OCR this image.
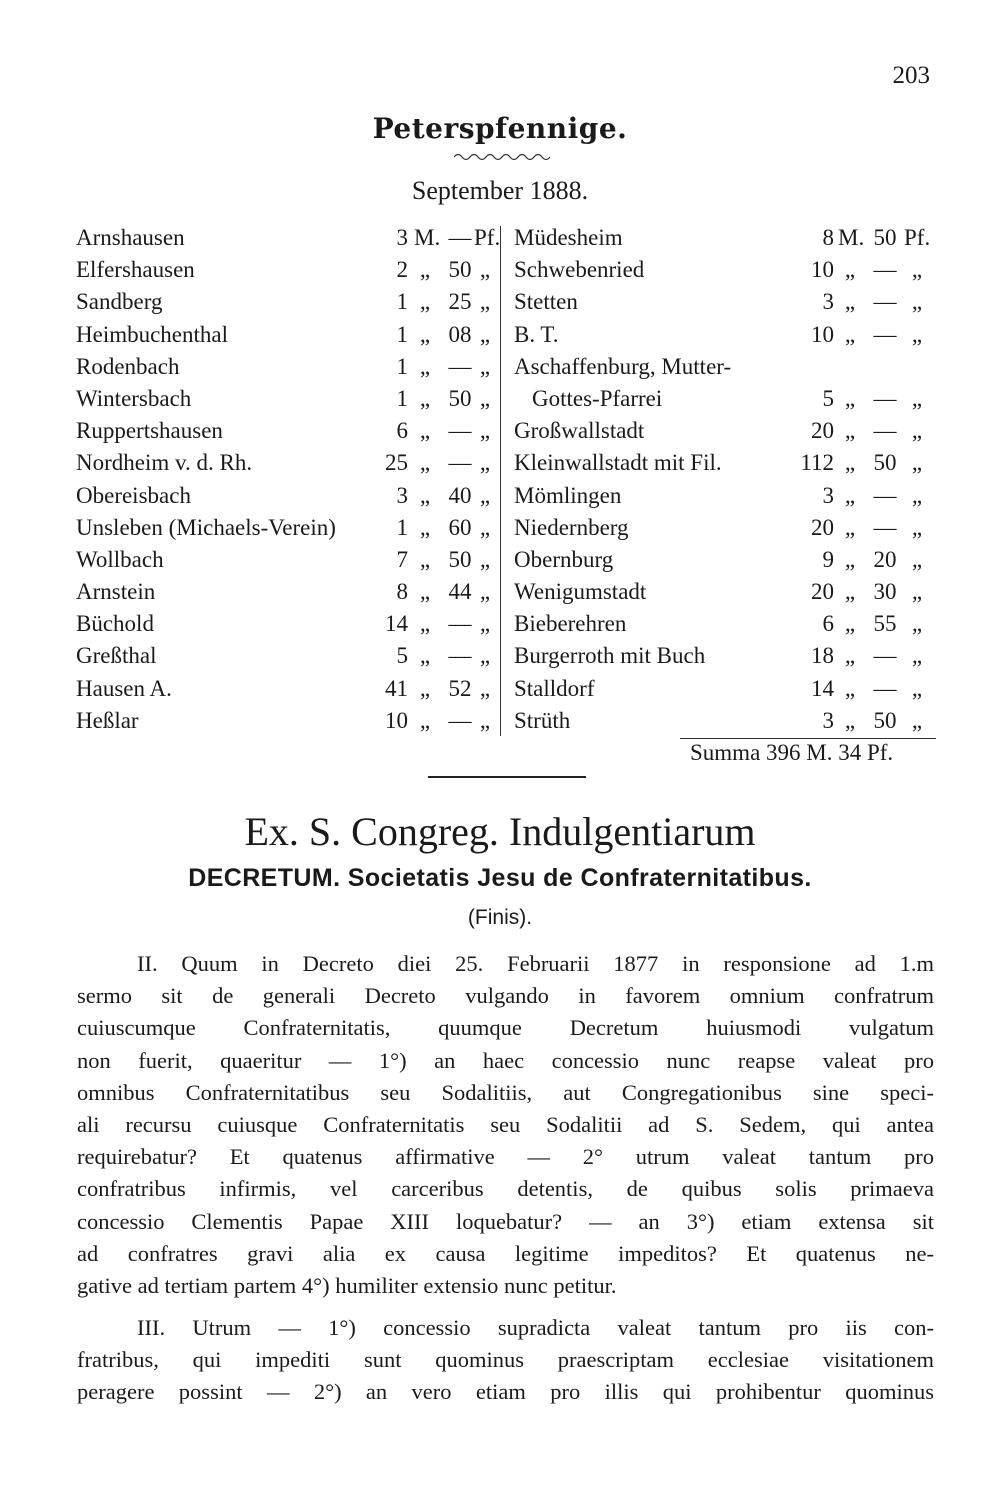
203
Peterspfennige.
September 1888.
Arnshausen	3 M. — Pf.
Elfershausen	2 „ 50 „
Sandberg	1 „ 25 „
Heimbuchenthal	1 „ 08 „
Rodenbach	1 „ — „
Wintersbach	1 „ 50 „
Ruppertshausen	6 „ — „
Nordheim v. d. Rh.	25 „ — „
Obereisbach	3 „ 40 „
Unsleben (Michaels-Verein)	1 „ 60 „
Wollbach	7 „ 50 „
Arnstein	8 „ 44 „
Büchold	14 „ — „
Greßthal	5 „ — „
Hausen A.	41 „ 52 „
Heßlar	10 „ — „
Müdesheim	8 M. 50 Pf.
Schwebenried	10 „ — „
Stetten	3 „ — „
B. T.	10 „ — „
Aschaffenburg, Mutter-
Gottes-Pfarrei	5 „ — „
Großwallstadt	20 „ — „
Kleinwallstadt mit Fil.	112 „ 50 „
Mömlingen	3 „ — „
Niedernberg	20 „ — „
Obernburg	9 „ 20 „
Wenigumstadt	20 „ 30 „
Bieberehren	6 „ 55 „
Burgerroth mit Buch	18 „ — „
Stalldorf	14 „ — „
Strüth	3 „ 50 „
Summa 396 M. 34 Pf.
Ex. S. Congreg. Indulgentiarum
DECRETUM. Societatis Jesu de Confraternitatibus.
(Finis).
II. Quum in Decreto diei 25. Februarii 1877 in responsione ad 1.m
sermo sit de generali Decreto vulgando in favorem omnium confratrum
cuiuscumque Confraternitatis, quumque Decretum huiusmodi vulgatum
non fuerit, quaeritur — 1°) an haec concessio nunc reapse valeat pro
omnibus Confraternitatibus seu Sodalitiis, aut Congregationibus sine speci-
ali recursu cuiusque Confraternitatis seu Sodalitii ad S. Sedem, qui antea
requirebatur? Et quatenus affirmative — 2° utrum valeat tantum pro
confratribus infirmis, vel carceribus detentis, de quibus solis primaeva
concessio Clementis Papae XIII loquebatur? — an 3°) etiam extensa sit
ad confratres gravi alia ex causa legitime impeditos? Et quatenus ne-
gative ad tertiam partem 4°) humiliter extensio nunc petitur.
III. Utrum — 1°) concessio supradicta valeat tantum pro iis con-
fratribus, qui impediti sunt quominus praescriptam ecclesiae visitationem
peragere possint — 2°) an vero etiam pro illis qui prohibentur quominus
